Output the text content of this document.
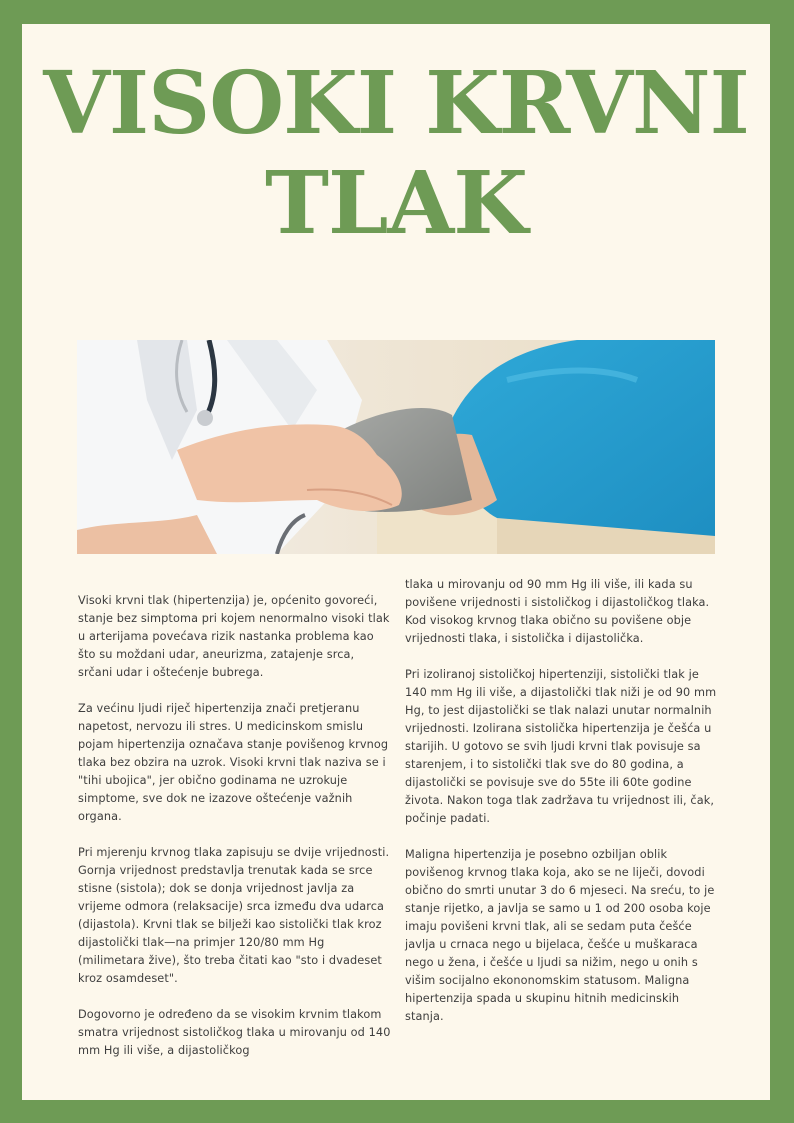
VISOKI KRVNI
TLAK

Visoki krvni tlak (hipertenzija) je, općenito govoreći, stanje bez simptoma pri kojem nenormalno visoki tlak u arterijama povećava rizik nastanka problema kao što su moždani udar, aneurizma, zatajenje srca, srčani udar i oštećenje bubrega.

Za većinu ljudi riječ hipertenzija znači pretjeranu napetost, nervozu ili stres. U medicinskom smislu pojam hipertenzija označava stanje povišenog krvnog tlaka bez obzira na uzrok. Visoki krvni tlak naziva se i "tihi ubojica", jer obično godinama ne uzrokuje simptome, sve dok ne izazove oštećenje važnih organa.

Pri mjerenju krvnog tlaka zapisuju se dvije vrijednosti. Gornja vrijednost predstavlja trenutak kada se srce stisne (sistola); dok se donja vrijednost javlja za vrijeme odmora (relaksacije) srca između dva udarca (dijastola). Krvni tlak se bilježi kao sistolički tlak kroz dijastolički tlak—na primjer 120/80 mm Hg (milimetara žive), što treba čitati kao "sto i dvadeset kroz osamdeset".

Dogovorno je određeno da se visokim krvnim tlakom smatra vrijednost sistoličkog tlaka u mirovanju od 140 mm Hg ili više, a dijastoličkog

tlaka u mirovanju od 90 mm Hg ili više, ili kada su povišene vrijednosti i sistoličkog i dijastoličkog tlaka. Kod visokog krvnog tlaka obično su povišene obje vrijednosti tlaka, i sistolička i dijastolička.

Pri izoliranoj sistoličkoj hipertenziji, sistolički tlak je 140 mm Hg ili više, a dijastolički tlak niži je od 90 mm Hg, to jest dijastolički se tlak nalazi unutar normalnih vrijednosti. Izolirana sistolička hipertenzija je češća u starijih. U gotovo se svih ljudi krvni tlak povisuje sa starenjem, i to sistolički tlak sve do 80 godina, a dijastolički se povisuje sve do 55te ili 60te godine života. Nakon toga tlak zadržava tu vrijednost ili, čak, počinje padati.

Maligna hipertenzija je posebno ozbiljan oblik povišenog krvnog tlaka koja, ako se ne liječi, dovodi obično do smrti unutar 3 do 6 mjeseci. Na sreću, to je stanje rijetko, a javlja se samo u 1 od 200 osoba koje imaju povišeni krvni tlak, ali se sedam puta češće javlja u crnaca nego u bijelaca, češće u muškaraca nego u žena, i češće u ljudi sa nižim, nego u onih s višim socijalno ekononomskim statusom. Maligna hipertenzija spada u skupinu hitnih medicinskih stanja.
